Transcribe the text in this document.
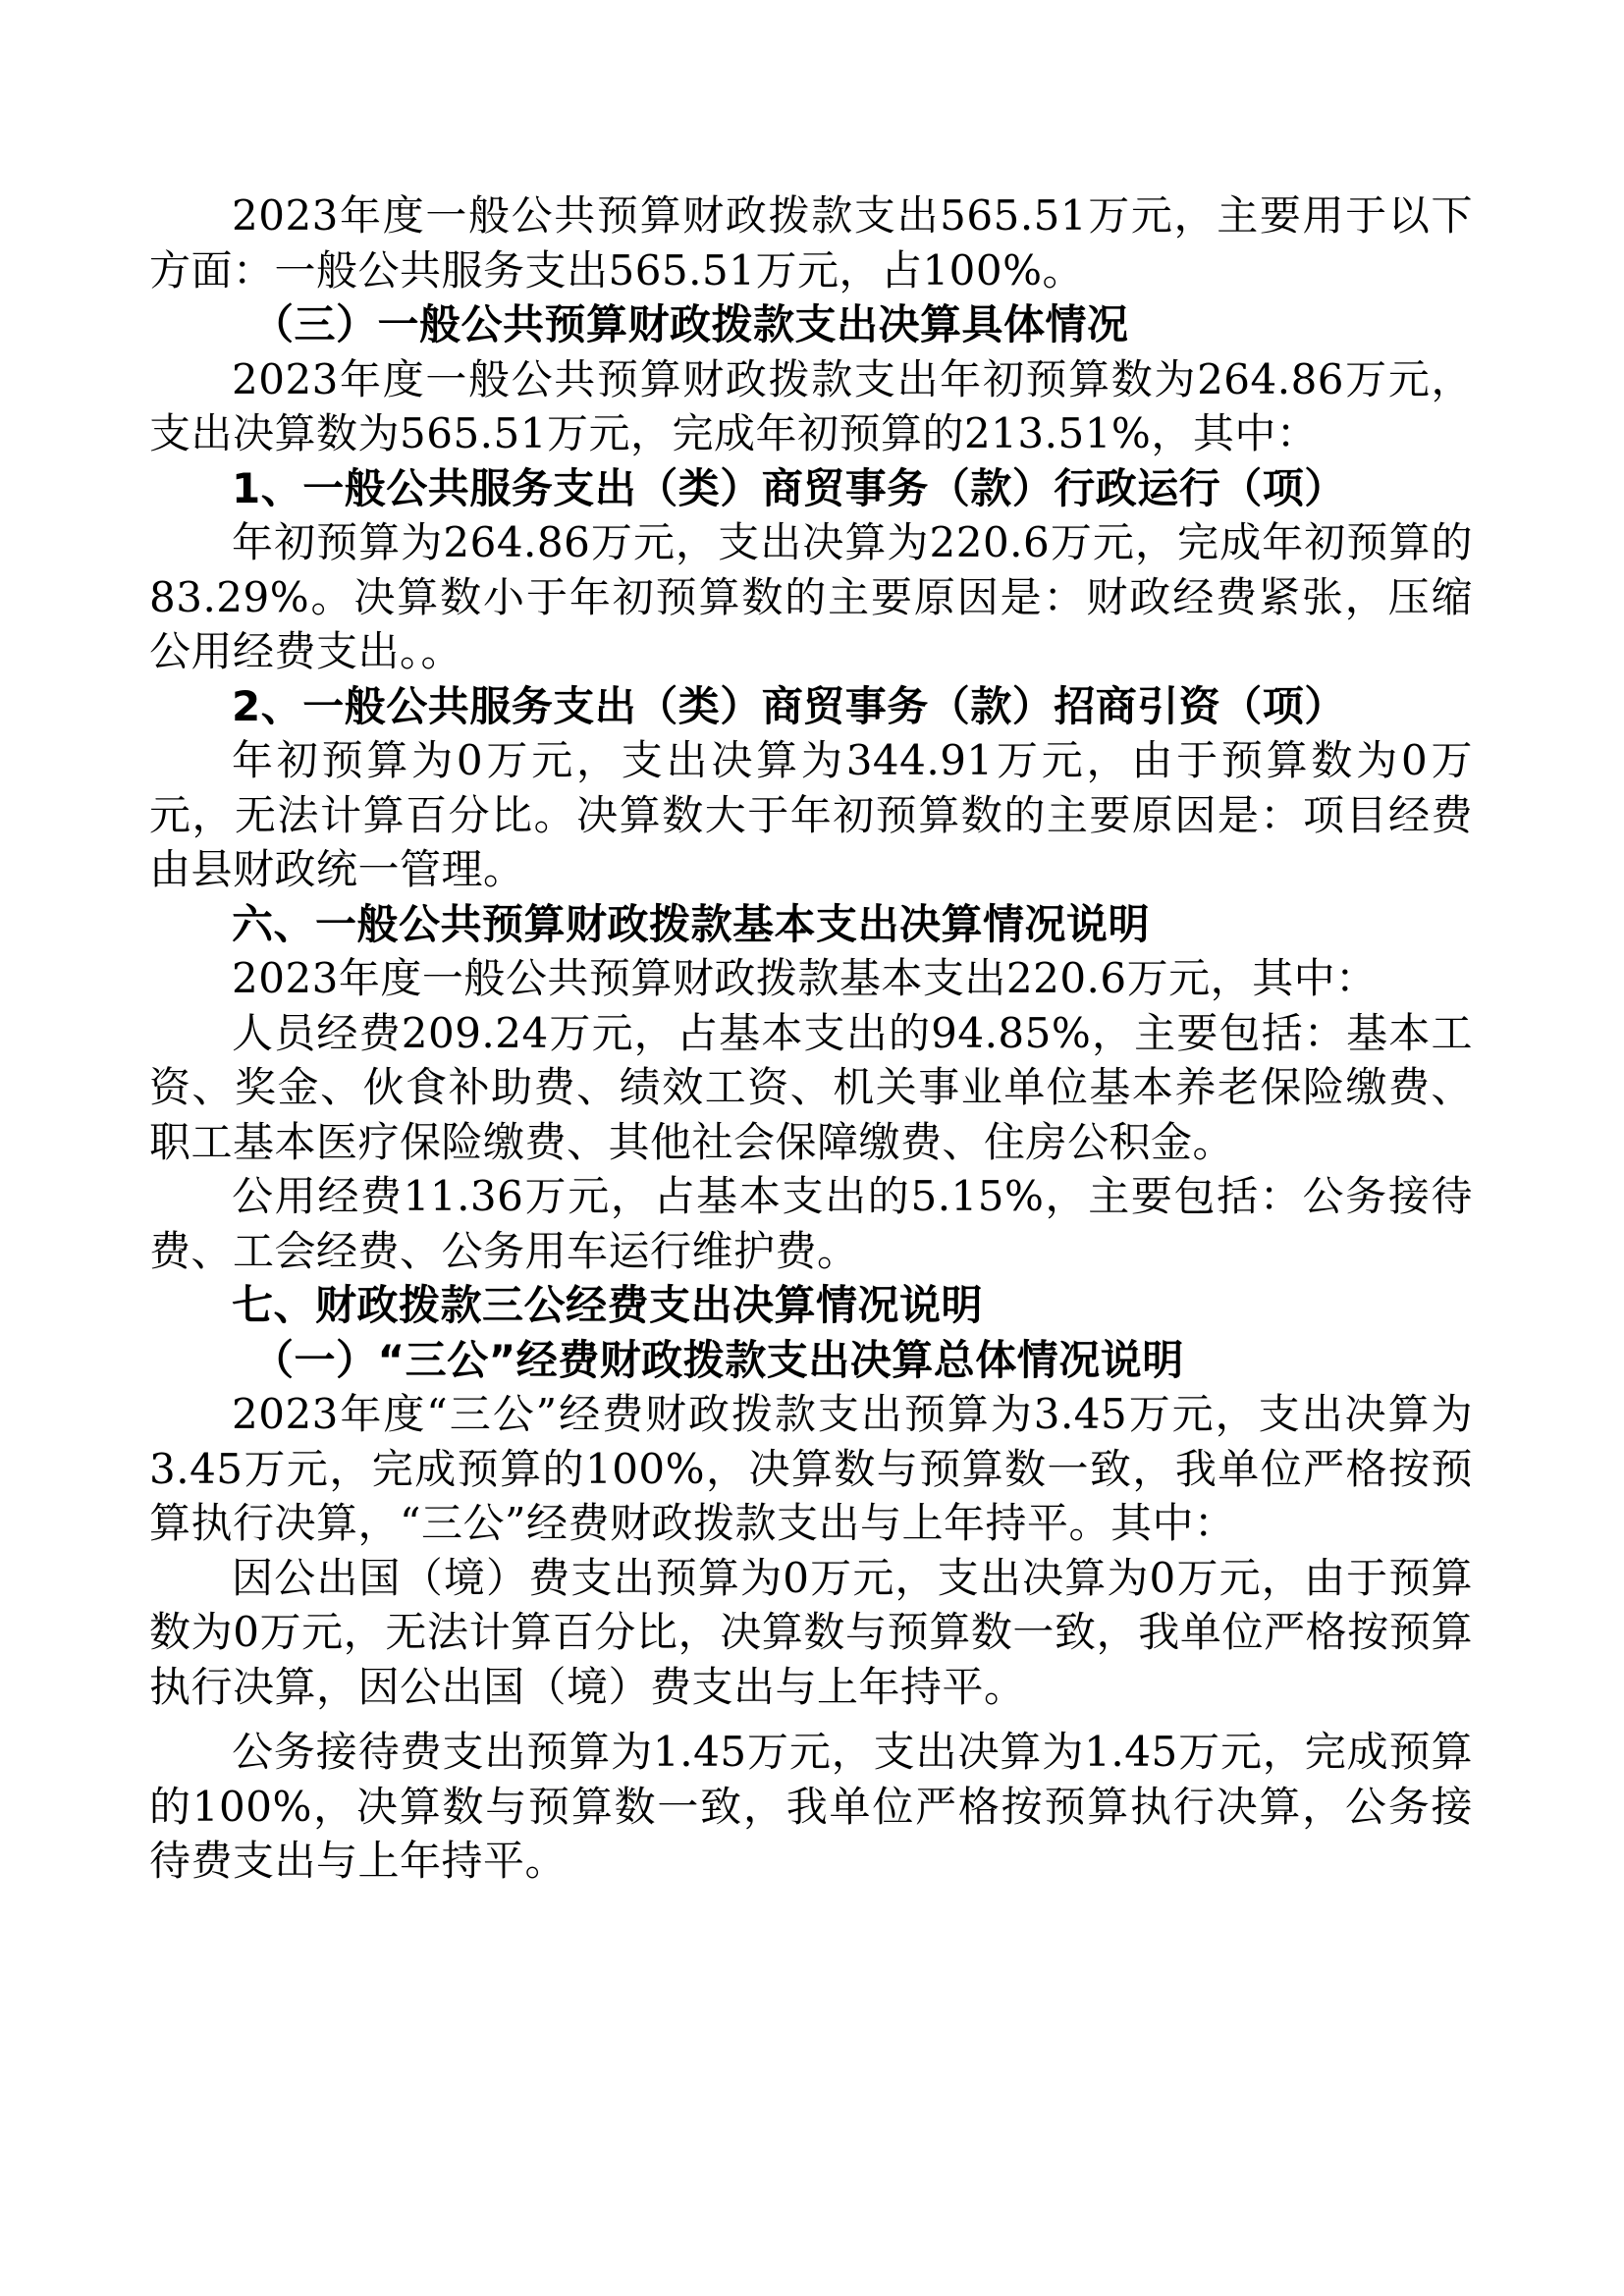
2023年度一般公共预算财政拨款支出565.51万元，主要用于以下方面：一般公共服务支出565.51万元，占100%。

（三）一般公共预算财政拨款支出决算具体情况

2023年度一般公共预算财政拨款支出年初预算数为264.86万元，支出决算数为565.51万元，完成年初预算的213.51%，其中：

1、一般公共服务支出（类）商贸事务（款）行政运行（项）

年初预算为264.86万元，支出决算为220.6万元，完成年初预算的83.29%。决算数小于年初预算数的主要原因是：财政经费紧张，压缩公用经费支出。。

2、一般公共服务支出（类）商贸事务（款）招商引资（项）

年初预算为0万元，支出决算为344.91万元，由于预算数为0万元，无法计算百分比。决算数大于年初预算数的主要原因是：项目经费由县财政统一管理。

六、一般公共预算财政拨款基本支出决算情况说明

2023年度一般公共预算财政拨款基本支出220.6万元，其中：

人员经费209.24万元，占基本支出的94.85%，主要包括：基本工资、奖金、伙食补助费、绩效工资、机关事业单位基本养老保险缴费、职工基本医疗保险缴费、其他社会保障缴费、住房公积金。

公用经费11.36万元，占基本支出的5.15%，主要包括：公务接待费、工会经费、公务用车运行维护费。

七、财政拨款三公经费支出决算情况说明

（一）“三公”经费财政拨款支出决算总体情况说明

2023年度“三公”经费财政拨款支出预算为3.45万元，支出决算为3.45万元，完成预算的100%，决算数与预算数一致，我单位严格按预算执行决算，“三公”经费财政拨款支出与上年持平。其中：

因公出国（境）费支出预算为0万元，支出决算为0万元，由于预算数为0万元，无法计算百分比，决算数与预算数一致，我单位严格按预算执行决算，因公出国（境）费支出与上年持平。

公务接待费支出预算为1.45万元，支出决算为1.45万元，完成预算的100%，决算数与预算数一致，我单位严格按预算执行决算，公务接待费支出与上年持平。
